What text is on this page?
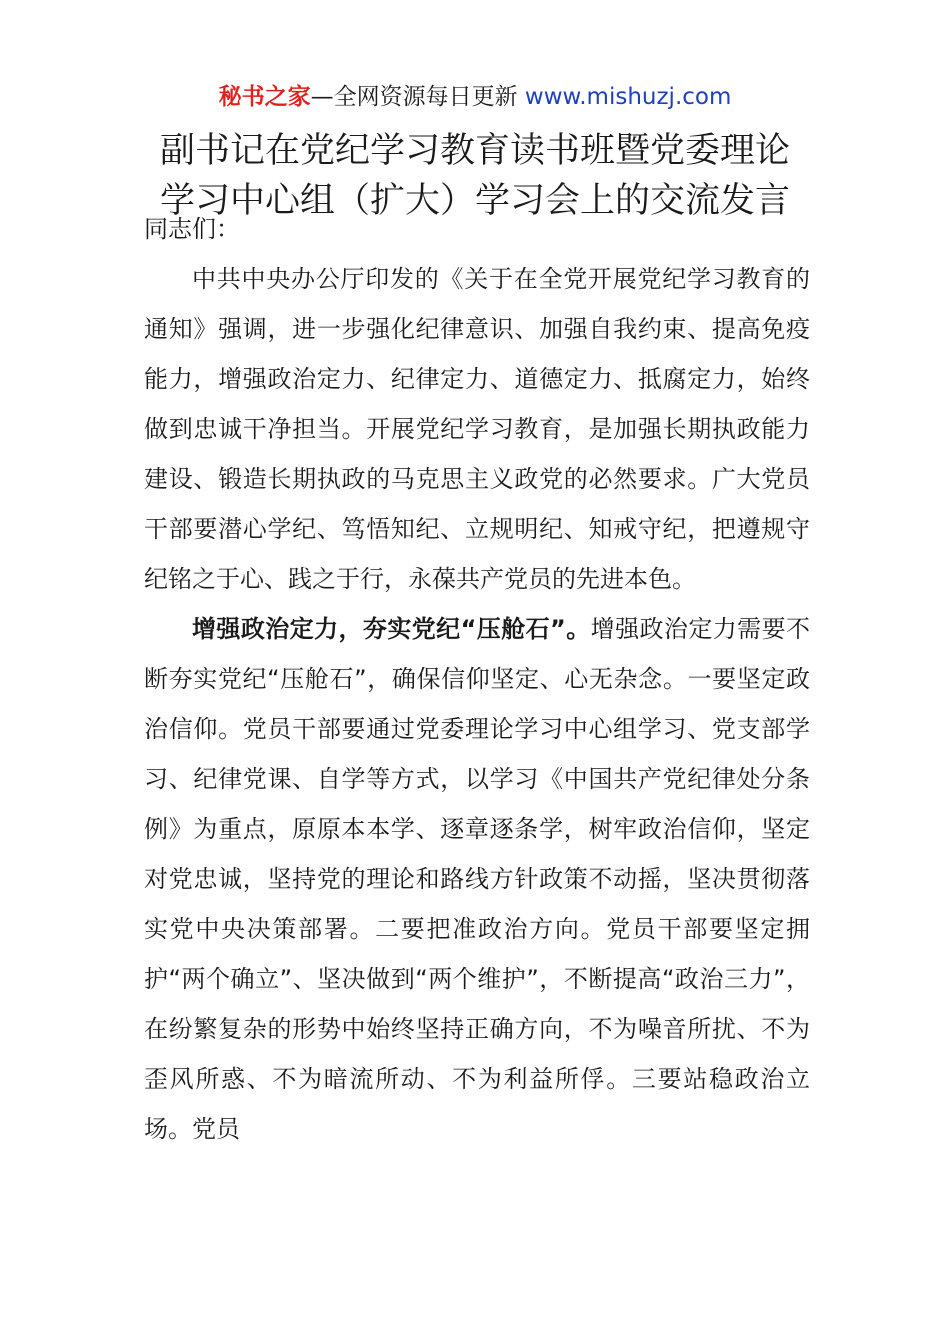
秘书之家—全网资源每日更新 www.mishuzj.com
副书记在党纪学习教育读书班暨党委理论
学习中心组（扩大）学习会上的交流发言

同志们：

中共中央办公厅印发的《关于在全党开展党纪学习教育的通知》强调，进一步强化纪律意识、加强自我约束、提高免疫能力，增强政治定力、纪律定力、道德定力、抵腐定力，始终做到忠诚干净担当。开展党纪学习教育，是加强长期执政能力建设、锻造长期执政的马克思主义政党的必然要求。广大党员干部要潜心学纪、笃悟知纪、立规明纪、知戒守纪，把遵规守纪铭之于心、践之于行，永葆共产党员的先进本色。

增强政治定力，夯实党纪“压舱石”。增强政治定力需要不断夯实党纪“压舱石”，确保信仰坚定、心无杂念。一要坚定政治信仰。党员干部要通过党委理论学习中心组学习、党支部学习、纪律党课、自学等方式，以学习《中国共产党纪律处分条例》为重点，原原本本学、逐章逐条学，树牢政治信仰，坚定对党忠诚，坚持党的理论和路线方针政策不动摇，坚决贯彻落实党中央决策部署。二要把准政治方向。党员干部要坚定拥护“两个确立”、坚决做到“两个维护”，不断提高“政治三力”，在纷繁复杂的形势中始终坚持正确方向，不为噪音所扰、不为歪风所惑、不为暗流所动、不为利益所俘。三要站稳政治立场。党员
